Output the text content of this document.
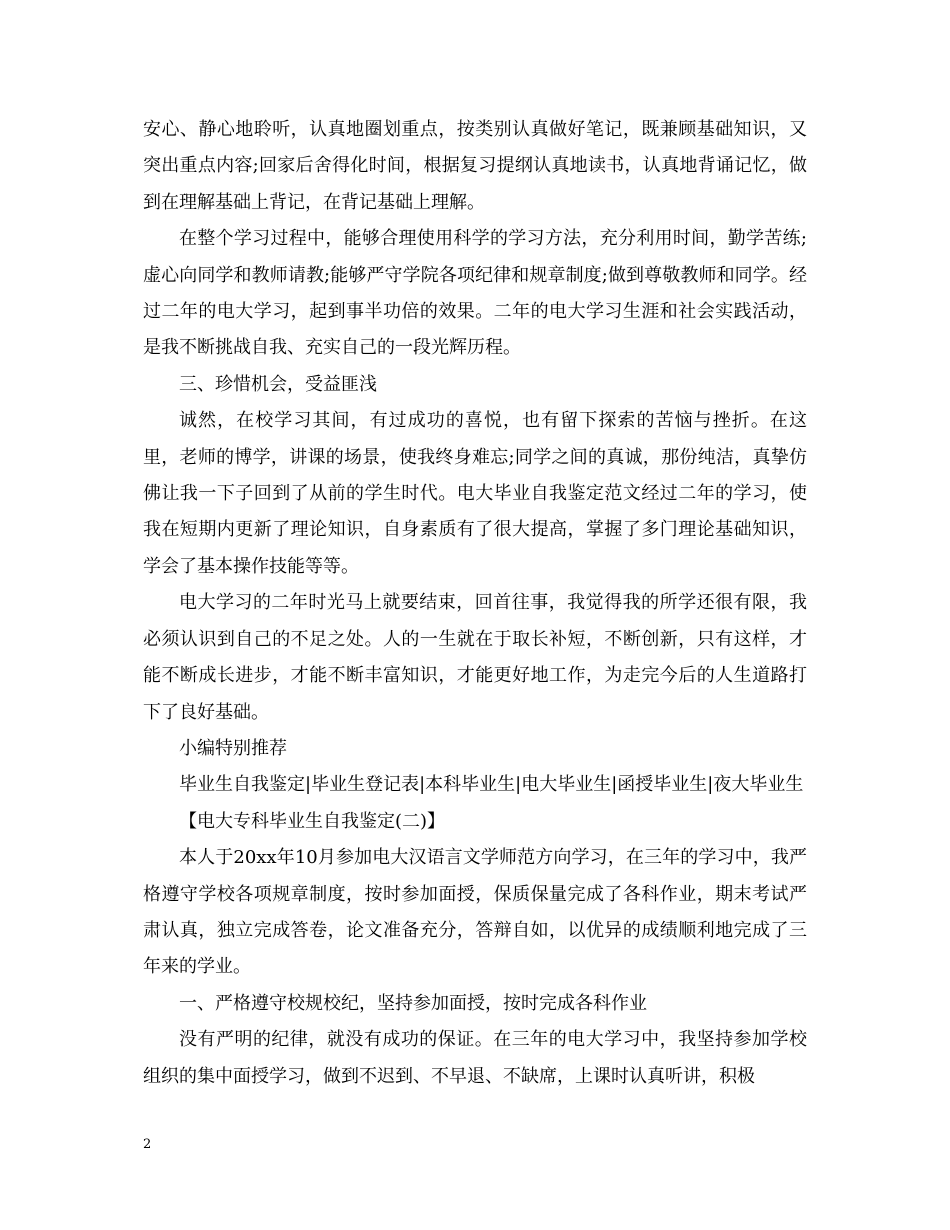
安心、静心地聆听，认真地圈划重点，按类别认真做好笔记，既兼顾基础知识，又突出重点内容;回家后舍得化时间，根据复习提纲认真地读书，认真地背诵记忆，做到在理解基础上背记，在背记基础上理解。

在整个学习过程中，能够合理使用科学的学习方法，充分利用时间，勤学苦练;虚心向同学和教师请教;能够严守学院各项纪律和规章制度;做到尊敬教师和同学。经过二年的电大学习，起到事半功倍的效果。二年的电大学习生涯和社会实践活动，是我不断挑战自我、充实自己的一段光辉历程。

三、珍惜机会，受益匪浅

诚然，在校学习其间，有过成功的喜悦，也有留下探索的苦恼与挫折。在这里，老师的博学，讲课的场景，使我终身难忘;同学之间的真诚，那份纯洁，真挚仿佛让我一下子回到了从前的学生时代。电大毕业自我鉴定范文经过二年的学习，使我在短期内更新了理论知识，自身素质有了很大提高，掌握了多门理论基础知识，学会了基本操作技能等等。

电大学习的二年时光马上就要结束，回首往事，我觉得我的所学还很有限，我必须认识到自己的不足之处。人的一生就在于取长补短，不断创新，只有这样，才能不断成长进步，才能不断丰富知识，才能更好地工作，为走完今后的人生道路打下了良好基础。

小编特别推荐

毕业生自我鉴定|毕业生登记表|本科毕业生|电大毕业生|函授毕业生|夜大毕业生

【电大专科毕业生自我鉴定(二)】

本人于20xx年10月参加电大汉语言文学师范方向学习，在三年的学习中，我严格遵守学校各项规章制度，按时参加面授，保质保量完成了各科作业，期末考试严肃认真，独立完成答卷，论文准备充分，答辩自如，以优异的成绩顺利地完成了三年来的学业。

一、严格遵守校规校纪，坚持参加面授，按时完成各科作业

没有严明的纪律，就没有成功的保证。在三年的电大学习中，我坚持参加学校组织的集中面授学习，做到不迟到、不早退、不缺席，上课时认真听讲，积极

2
